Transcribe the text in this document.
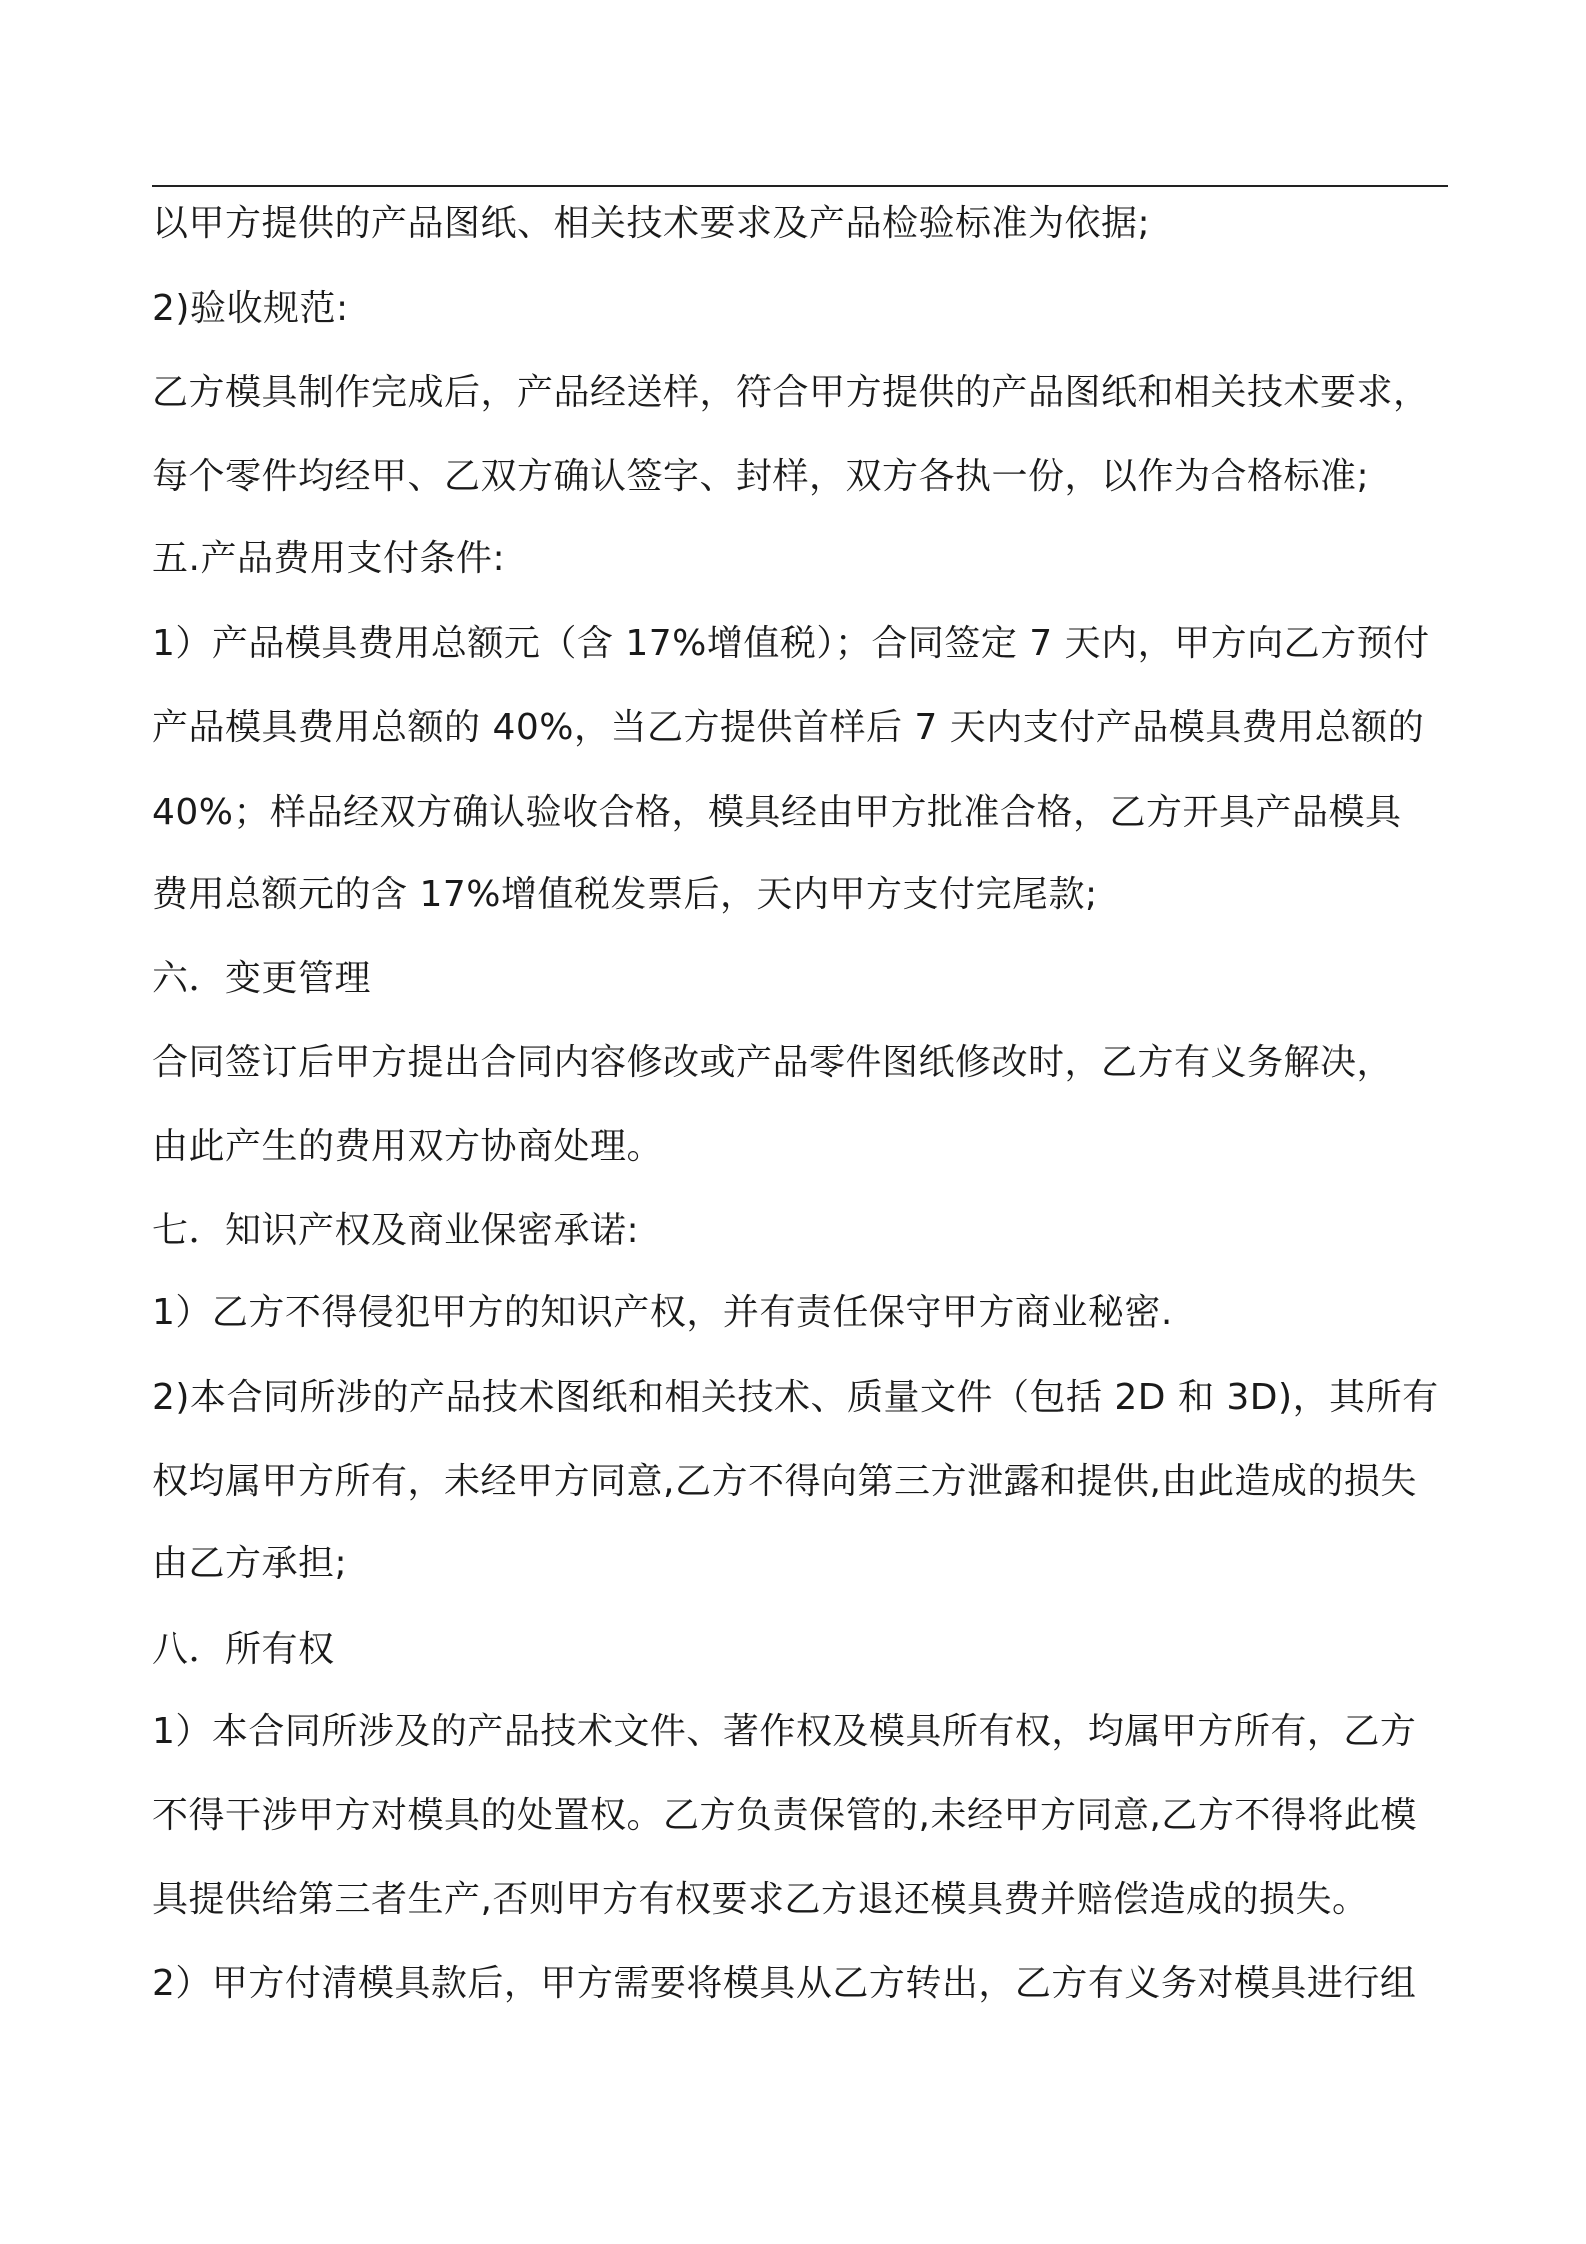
以甲方提供的产品图纸、相关技术要求及产品检验标准为依据;
2)验收规范:
乙方模具制作完成后，产品经送样，符合甲方提供的产品图纸和相关技术要求，
每个零件均经甲、乙双方确认签字、封样，双方各执一份，以作为合格标准;
五.产品费用支付条件:
1）产品模具费用总额元（含 17%增值税）；合同签定 7 天内，甲方向乙方预付
产品模具费用总额的 40%，当乙方提供首样后 7 天内支付产品模具费用总额的
40%；样品经双方确认验收合格，模具经由甲方批准合格，乙方开具产品模具
费用总额元的含 17%增值税发票后，天内甲方支付完尾款;
六．变更管理
合同签订后甲方提出合同内容修改或产品零件图纸修改时，乙方有义务解决，
由此产生的费用双方协商处理。
七．知识产权及商业保密承诺:
1）乙方不得侵犯甲方的知识产权，并有责任保守甲方商业秘密.
2)本合同所涉的产品技术图纸和相关技术、质量文件（包括 2D 和 3D)，其所有
权均属甲方所有，未经甲方同意,乙方不得向第三方泄露和提供,由此造成的损失
由乙方承担;
八．所有权
1）本合同所涉及的产品技术文件、著作权及模具所有权，均属甲方所有，乙方
不得干涉甲方对模具的处置权。乙方负责保管的,未经甲方同意,乙方不得将此模
具提供给第三者生产,否则甲方有权要求乙方退还模具费并赔偿造成的损失。
2）甲方付清模具款后，甲方需要将模具从乙方转出，乙方有义务对模具进行组
